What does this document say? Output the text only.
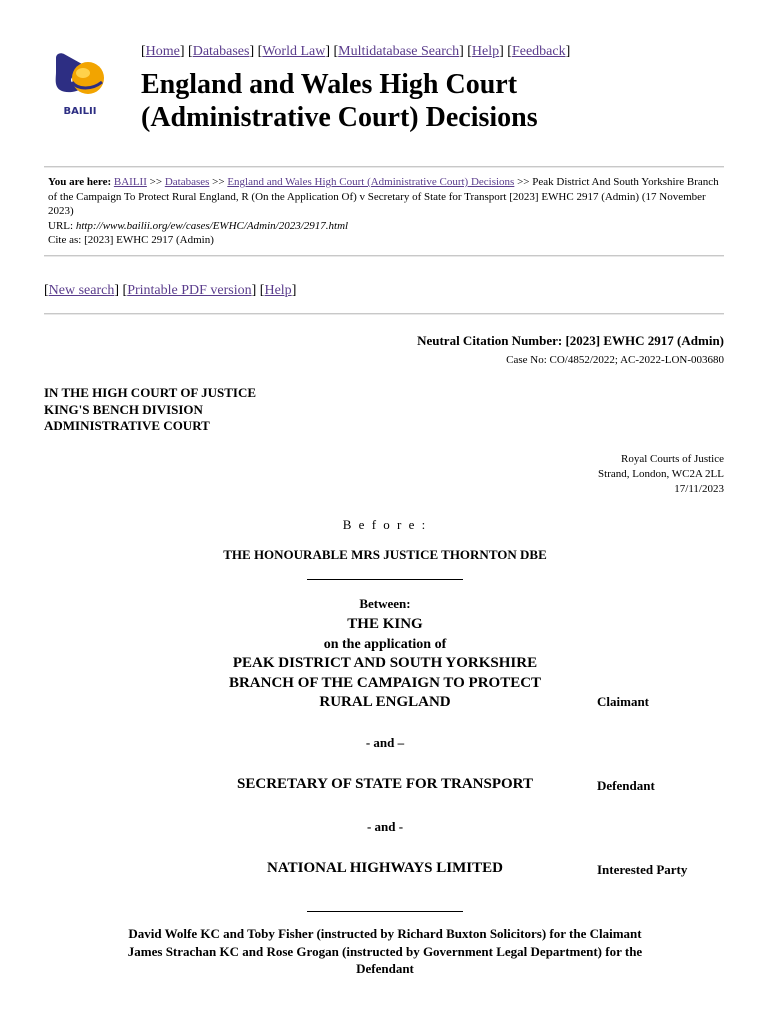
BAILII
[Home] [Databases] [World Law] [Multidatabase Search] [Help] [Feedback]
England and Wales High Court
(Administrative Court) Decisions
You are here: BAILII >> Databases >> England and Wales High Court (Administrative Court) Decisions >> Peak District And South Yorkshire Branch of the Campaign To Protect Rural England, R (On the Application Of) v Secretary of State for Transport [2023] EWHC 2917 (Admin) (17 November 2023)
URL: http://www.bailii.org/ew/cases/EWHC/Admin/2023/2917.html
Cite as: [2023] EWHC 2917 (Admin)
[New search] [Printable PDF version] [Help]
Neutral Citation Number: [2023] EWHC 2917 (Admin)
Case No: CO/4852/2022; AC-2022-LON-003680
IN THE HIGH COURT OF JUSTICE
KING'S BENCH DIVISION
ADMINISTRATIVE COURT
Royal Courts of Justice
Strand, London, WC2A 2LL
17/11/2023
B e f o r e :
THE HONOURABLE MRS JUSTICE THORNTON DBE
Between:
THE KING
on the application of
PEAK DISTRICT AND SOUTH YORKSHIRE
BRANCH OF THE CAMPAIGN TO PROTECT
RURAL ENGLAND	Claimant
- and –
SECRETARY OF STATE FOR TRANSPORT	Defendant
- and -
NATIONAL HIGHWAYS LIMITED	Interested Party
David Wolfe KC and Toby Fisher (instructed by Richard Buxton Solicitors) for the Claimant
James Strachan KC and Rose Grogan (instructed by Government Legal Department) for the
Defendant
